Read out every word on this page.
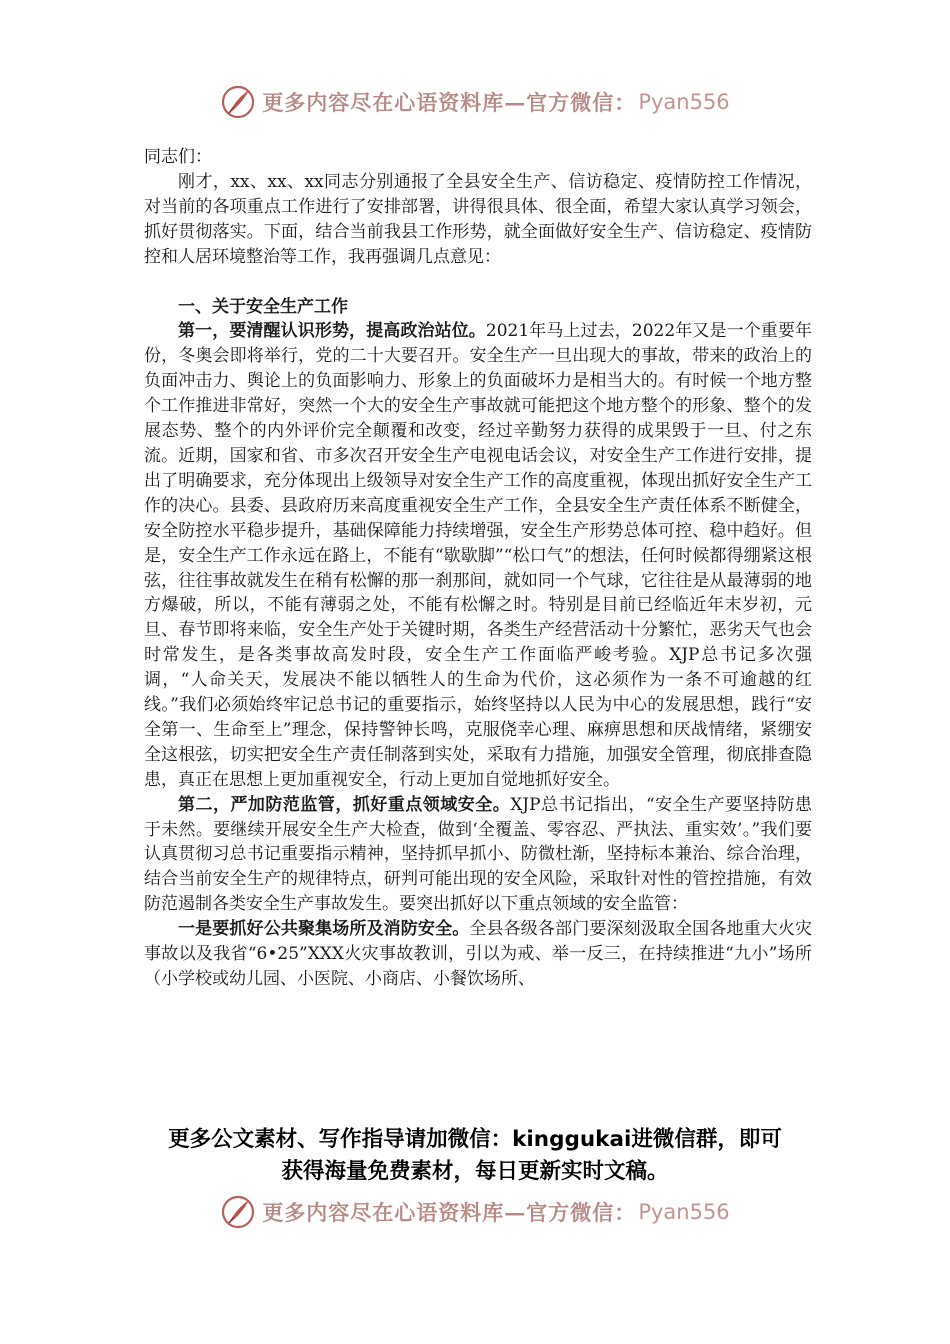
更多内容尽在心语资料库—官方微信： Pyan556

同志们：

刚才，xx、xx、xx同志分别通报了全县安全生产、信访稳定、疫情防控工作情况，对当前的各项重点工作进行了安排部署，讲得很具体、很全面，希望大家认真学习领会，抓好贯彻落实。下面，结合当前我县工作形势，就全面做好安全生产、信访稳定、疫情防控和人居环境整治等工作，我再强调几点意见：

一、关于安全生产工作

第一，要清醒认识形势，提高政治站位。2021年马上过去，2022年又是一个重要年份，冬奥会即将举行，党的二十大要召开。安全生产一旦出现大的事故，带来的政治上的负面冲击力、舆论上的负面影响力、形象上的负面破坏力是相当大的。有时候一个地方整个工作推进非常好，突然一个大的安全生产事故就可能把这个地方整个的形象、整个的发展态势、整个的内外评价完全颠覆和改变，经过辛勤努力获得的成果毁于一旦、付之东流。近期，国家和省、市多次召开安全生产电视电话会议，对安全生产工作进行安排，提出了明确要求，充分体现出上级领导对安全生产工作的高度重视，体现出抓好安全生产工作的决心。县委、县政府历来高度重视安全生产工作，全县安全生产责任体系不断健全，安全防控水平稳步提升，基础保障能力持续增强，安全生产形势总体可控、稳中趋好。但是，安全生产工作永远在路上，不能有“歇歇脚”“松口气”的想法，任何时候都得绷紧这根弦，往往事故就发生在稍有松懈的那一刹那间，就如同一个气球，它往往是从最薄弱的地方爆破，所以，不能有薄弱之处，不能有松懈之时。特别是目前已经临近年末岁初，元旦、春节即将来临，安全生产处于关键时期，各类生产经营活动十分繁忙，恶劣天气也会时常发生，是各类事故高发时段，安全生产工作面临严峻考验。XJP总书记多次强调，“人命关天，发展决不能以牺牲人的生命为代价，这必须作为一条不可逾越的红线。”我们必须始终牢记总书记的重要指示，始终坚持以人民为中心的发展思想，践行“安全第一、生命至上”理念，保持警钟长鸣，克服侥幸心理、麻痹思想和厌战情绪，紧绷安全这根弦，切实把安全生产责任制落到实处，采取有力措施，加强安全管理，彻底排查隐患，真正在思想上更加重视安全，行动上更加自觉地抓好安全。

第二，严加防范监管，抓好重点领域安全。XJP总书记指出，“安全生产要坚持防患于未然。要继续开展安全生产大检查，做到‘全覆盖、零容忍、严执法、重实效’。”我们要认真贯彻习总书记重要指示精神，坚持抓早抓小、防微杜渐，坚持标本兼治、综合治理，结合当前安全生产的规律特点，研判可能出现的安全风险，采取针对性的管控措施，有效防范遏制各类安全生产事故发生。要突出抓好以下重点领域的安全监管：

一是要抓好公共聚集场所及消防安全。全县各级各部门要深刻汲取全国各地重大火灾事故以及我省“6•25”XXX火灾事故教训，引以为戒、举一反三，在持续推进“九小”场所（小学校或幼儿园、小医院、小商店、小餐饮场所、

更多公文素材、写作指导请加微信：kinggukai进微信群，即可
获得海量免费素材，每日更新实时文稿。
更多内容尽在心语资料库—官方微信： Pyan556
